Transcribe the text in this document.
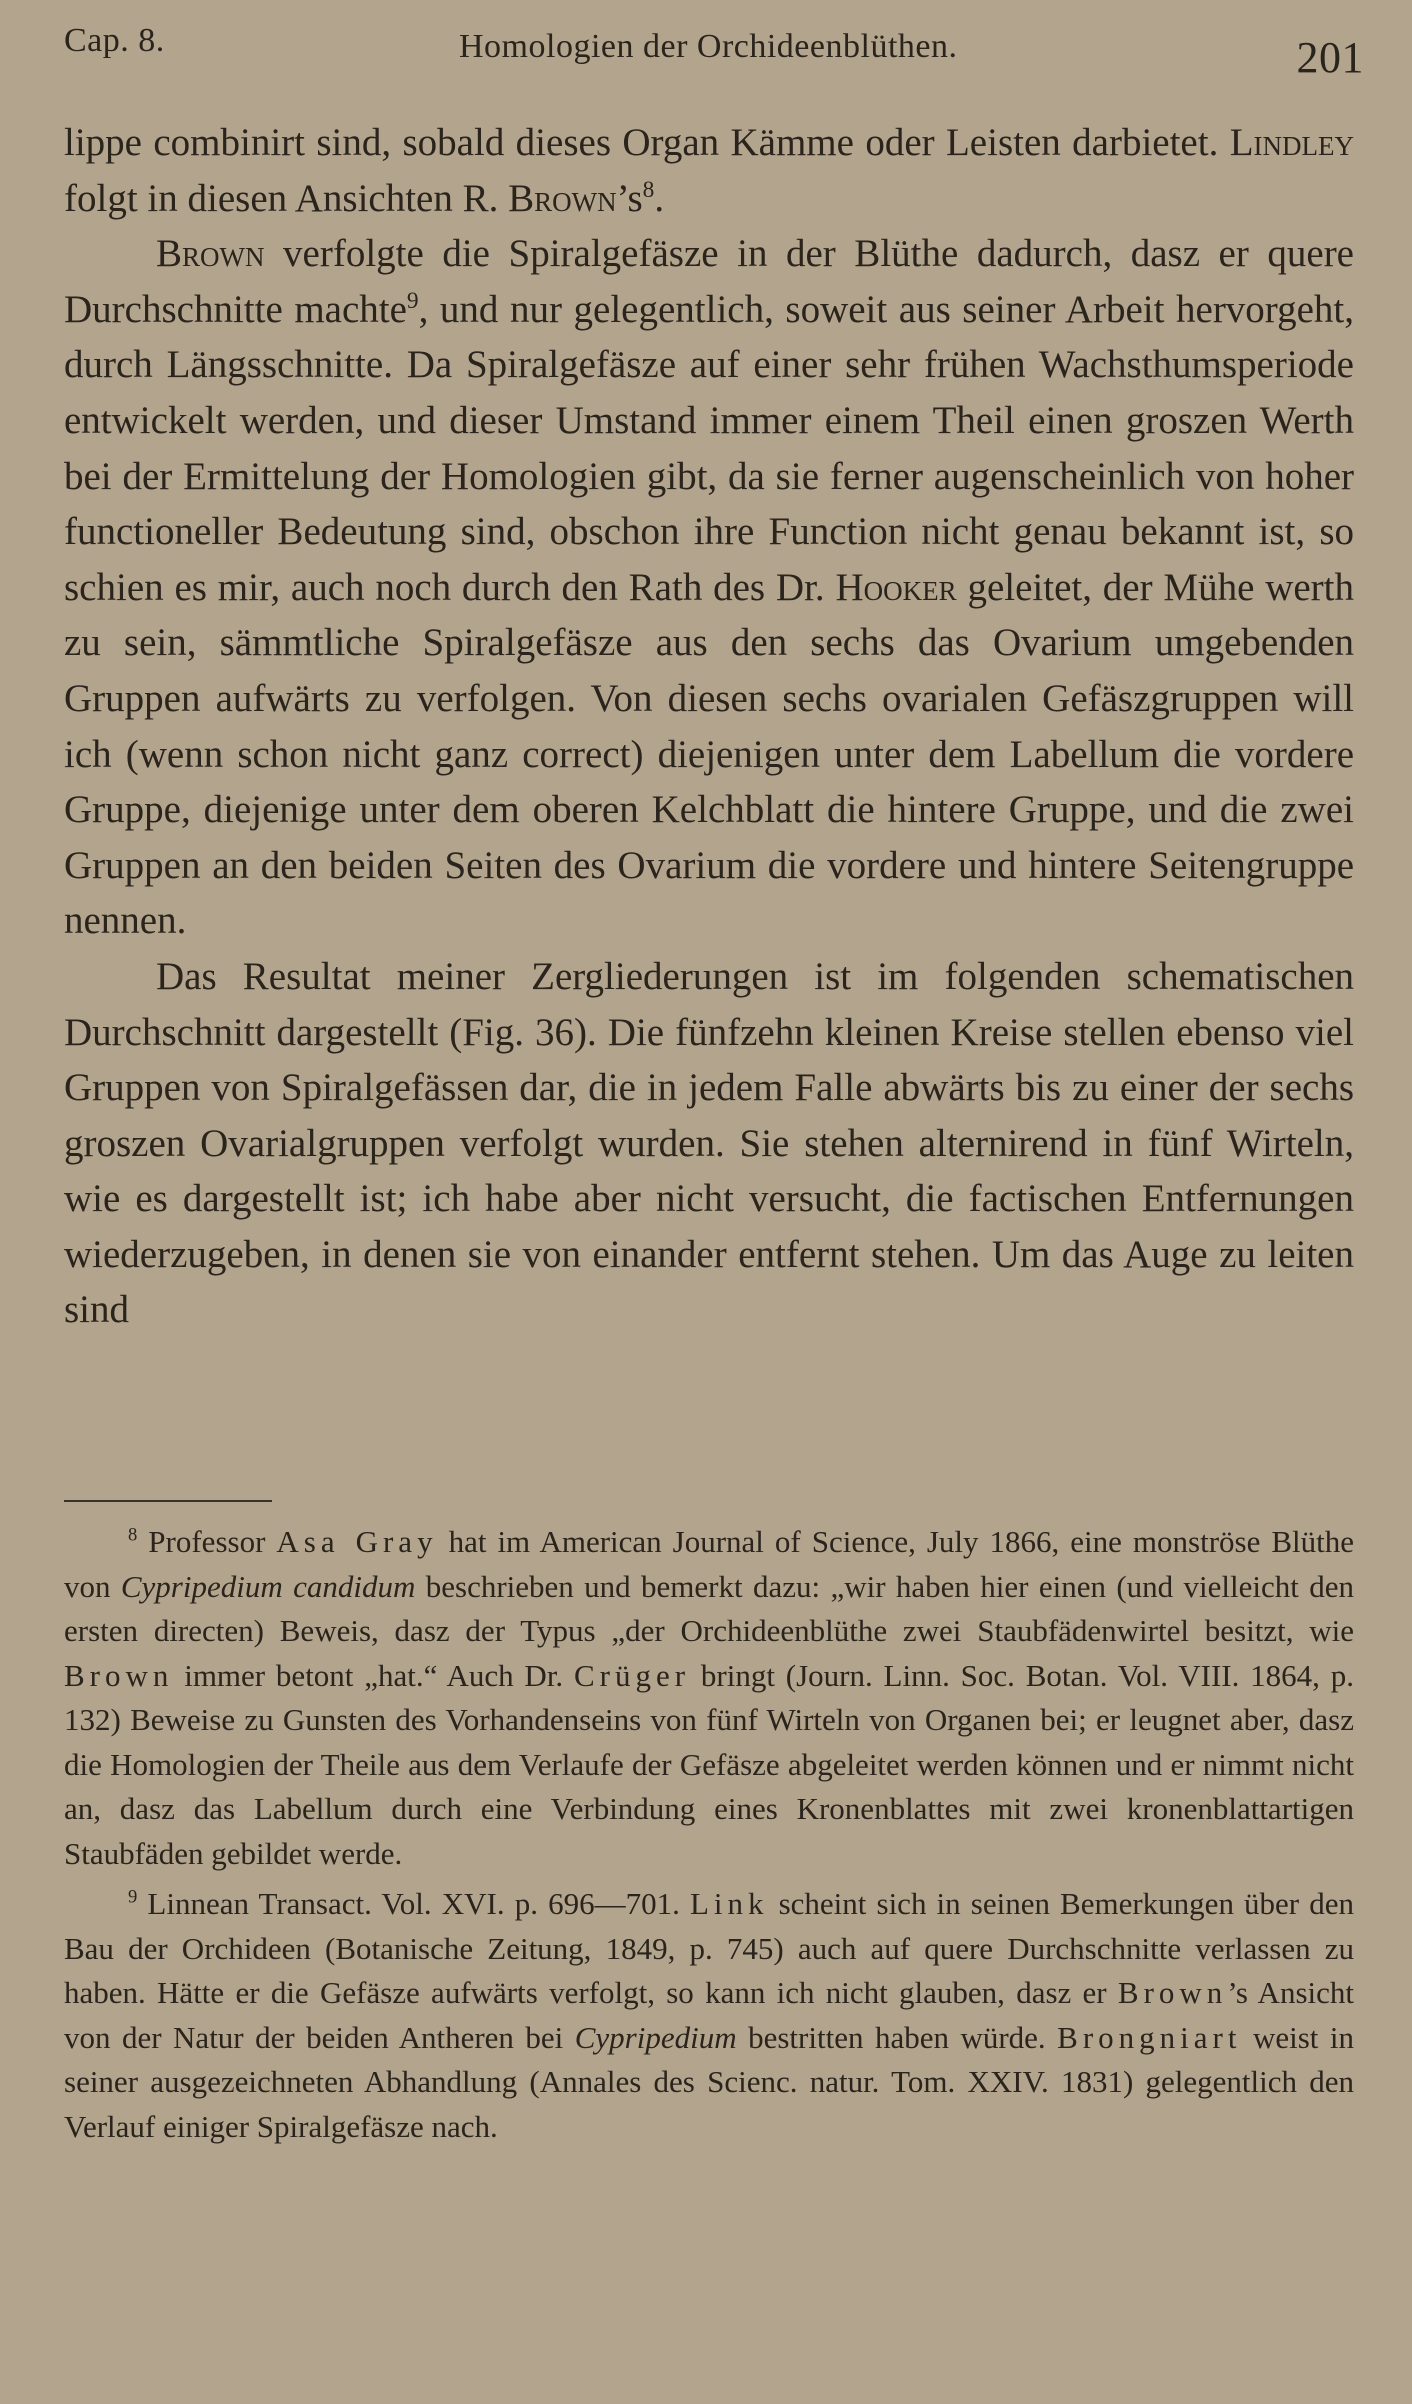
Cap. 8.	Homologien der Orchideenblüthen.	201

lippe combinirt sind, sobald dieses Organ Kämme oder Leisten darbietet. Lindley folgt in diesen Ansichten R. $Brown’s^8$.

Brown verfolgte die Spiralgefäsze in der Blüthe dadurch, dasz er quere Durchschnitte machte$^9$, und nur gelegentlich, soweit aus seiner Arbeit hervorgeht, durch Längsschnitte. Da Spiralgefäsze auf einer sehr frühen Wachsthumsperiode entwickelt werden, und dieser Umstand immer einem Theil einen groszen Werth bei der Ermittelung der Homologien gibt, da sie ferner augenscheinlich von hoher functioneller Bedeutung sind, obschon ihre Function nicht genau bekannt ist, so schien es mir, auch noch durch den Rath des Dr. Hooker geleitet, der Mühe werth zu sein, sämmtliche Spiralgefäsze aus den sechs das Ovarium umgebenden Gruppen aufwärts zu verfolgen. Von diesen sechs ovarialen Gefäszgruppen will ich (wenn schon nicht ganz correct) diejenigen unter dem Labellum die vordere Gruppe, diejenige unter dem oberen Kelchblatt die hintere Gruppe, und die zwei Gruppen an den beiden Seiten des Ovarium die vordere und hintere Seitengruppe nennen.

Das Resultat meiner Zergliederungen ist im folgenden schematischen Durchschnitt dargestellt (Fig. 36). Die fünfzehn kleinen Kreise stellen ebenso viel Gruppen von Spiralgefässen dar, die in jedem Falle abwärts bis zu einer der sechs groszen Ovarialgruppen verfolgt wurden. Sie stehen alternirend in fünf Wirteln, wie es dargestellt ist; ich habe aber nicht versucht, die factischen Entfernungen wiederzugeben, in denen sie von einander entfernt stehen. Um das Auge zu leiten sind

$^8$ Professor Asa Gray hat im American Journal of Science, July 1866, eine monströse Blüthe von Cypripedium candidum beschrieben und bemerkt dazu: „wir haben hier einen (und vielleicht den ersten directen) Beweis, dasz der Typus „der Orchideenblüthe zwei Staubfädenwirtel besitzt, wie Brown immer betont „hat.“ Auch Dr. Crüger bringt (Journ. Linn. Soc. Botan. Vol. VIII. 1864, p. 132) Beweise zu Gunsten des Vorhandenseins von fünf Wirteln von Organen bei; er leugnet aber, dasz die Homologien der Theile aus dem Verlaufe der Gefäsze abgeleitet werden können und er nimmt nicht an, dasz das Labellum durch eine Verbindung eines Kronenblattes mit zwei kronenblattartigen Staubfäden gebildet werde.

$^9$ Linnean Transact. Vol. XVI. p. 696—701. Link scheint sich in seinen Bemerkungen über den Bau der Orchideen (Botanische Zeitung, 1849, p. 745) auch auf quere Durchschnitte verlassen zu haben. Hätte er die Gefäsze aufwärts verfolgt, so kann ich nicht glauben, dasz er Brown’s Ansicht von der Natur der beiden Antheren bei Cypripedium bestritten haben würde. Brongniart weist in seiner ausgezeichneten Abhandlung (Annales des Scienc. natur. Tom. XXIV. 1831) gelegentlich den Verlauf einiger Spiralgefäsze nach.
